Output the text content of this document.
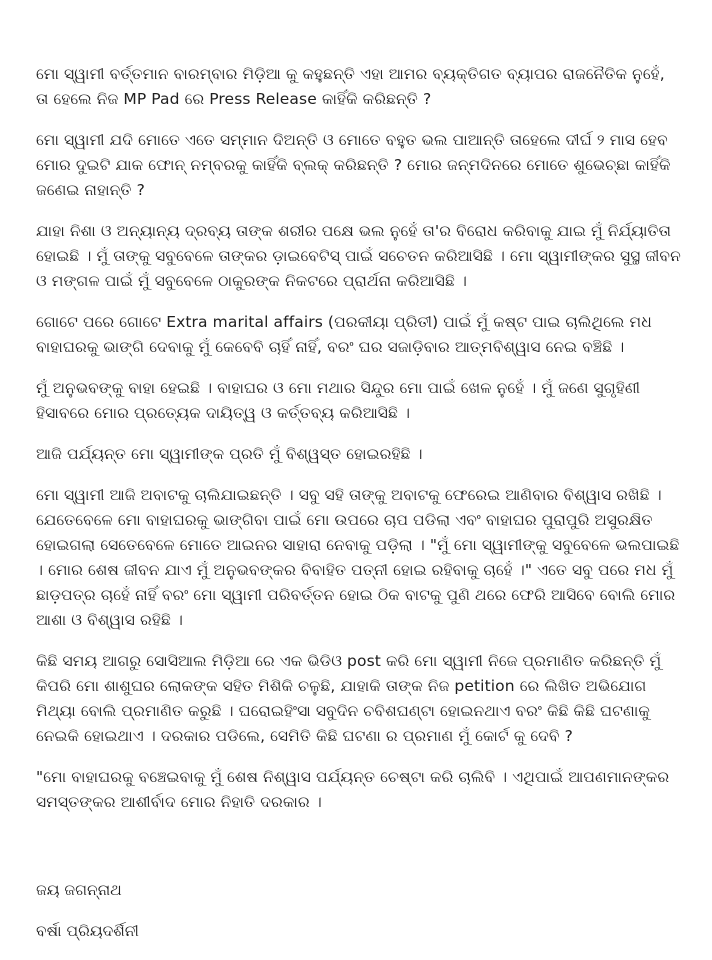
ମୋ ସ୍ୱାମୀ ବର୍ତ୍ତମାନ ବାରମ୍ବାର ମିଡ଼ିଆ କୁ କହୁଛନ୍ତି ଏହା ଆମର ବ୍ୟକ୍ତିଗତ ବ୍ୟାପର ରାଜନୈତିକ ନୁହେଁ, ତା ହେଲେ ନିଜ MP Pad ରେ Press Release କାହିଁକି କରିଛନ୍ତି ?

ମୋ ସ୍ୱାମୀ ଯଦି ମୋତେ ଏତେ ସମ୍ମାନ ଦିଅନ୍ତି ଓ ମୋତେ ବହୁତ ଭଲ ପାଆନ୍ତି ତାହେଲେ ଦୀର୍ଘ ୨ ମାସ ହେବ ମୋର ଦୁଇଟି ଯାକ ଫୋନ୍ ନମ୍ବରକୁ କାହିଁକି ବ୍ଲକ୍ କରିଛନ୍ତି ? ମୋର ଜନ୍ମଦିନରେ ମୋତେ ଶୁଭେଚ୍ଛା କାହିଁକି ଜଣେଇ ନାହାନ୍ତି ?

ଯାହା ନିଶା ଓ ଅନ୍ୟାନ୍ୟ ଦ୍ରବ୍ୟ ତାଙ୍କ ଶରୀର ପକ୍ଷେ ଭଲ ନୁହେଁ ତା'ର ବିରୋଧ କରିବାକୁ ଯାଇ ମୁଁ ନିର୍ଯ୍ୟାତିତା ହୋଇଛି । ମୁଁ ତାଙ୍କୁ ସବୁବେଳେ ତାଙ୍କର ଡ଼ାଇବେଟିସ୍ ପାଇଁ ସଚେତନ କରିଆସିଛି । ମୋ ସ୍ୱାମୀଙ୍କର ସୁସ୍ଥ ଜୀବନ ଓ ମଙ୍ଗଳ ପାଇଁ ମୁଁ ସବୁବେଳେ ଠାକୁରଙ୍କ ନିକଟରେ ପ୍ରାର୍ଥନା କରିଆସିଛି ।

ଗୋଟେ ପରେ ଗୋଟେ Extra marital affairs (ପରକୀୟା ପ୍ରିତୀ) ପାଇଁ ମୁଁ କଷ୍ଟ ପାଇ ଚାଲିଥିଲେ ମଧ ବାହାଘରକୁ ଭାଙ୍ଗି ଦେବାକୁ ମୁଁ କେବେବି ଚାହିଁ ନାହିଁ, ବରଂ ଘର ସଜାଡ଼ିବାର ଆତ୍ମବିଶ୍ୱାସ ନେଇ ବଞ୍ଚିଛି ।

ମୁଁ ଅନୁଭବଙ୍କୁ ବାହା ହେଇଛି । ବାହାଘର ଓ ମୋ ମଥାର ସିନ୍ଦୁର ମୋ ପାଇଁ ଖେଳ ନୁହେଁ । ମୁଁ ଜଣେ ସୁଗୃହିଣୀ ହିସାବରେ ମୋର ପ୍ରତ୍ୟେକ ଦାୟିତ୍ୱ ଓ କର୍ତ୍ତବ୍ୟ କରିଆସିଛି ।

ଆଜି ପର୍ଯ୍ୟନ୍ତ ମୋ ସ୍ୱାମୀଙ୍କ ପ୍ରତି ମୁଁ ବିଶ୍ୱସ୍ତ ହୋଇରହିଛି ।

ମୋ ସ୍ୱାମୀ ଆଜି ଅବାଟକୁ ଚାଲିଯାଇଛନ୍ତି । ସବୁ ସହି ତାଙ୍କୁ ଅବାଟକୁ ଫେରେଇ ଆଣିବାର ବିଶ୍ୱାସ ରଖିଛି । ଯେତେବେଳେ ମୋ ବାହାଘରକୁ ଭାଙ୍ଗିବା ପାଇଁ ମୋ ଉପରେ ଚାପ ପଡିଲା ଏବଂ ବାହାଘର ପୁରାପୁରି ଅସୁରକ୍ଷିତ ହୋଇଗଲା ସେତେବେଳେ ମୋତେ ଆଇନର ସାହାରା ନେବାକୁ ପଡ଼ିଲା । "ମୁଁ ମୋ ସ୍ୱାମୀଙ୍କୁ ସବୁବେଳେ ଭଲପାଇଛି । ମୋର ଶେଷ ଜୀବନ ଯାଏ ମୁଁ ଅନୁଭବଙ୍କର ବିବାହିତ ପତ୍ନୀ ହୋଇ ରହିବାକୁ ଚାହେଁ ।" ଏତେ ସବୁ ପରେ ମଧ ମୁଁ ଛାଡ଼ପତ୍ର ଚାହେଁ ନାହିଁ ବରଂ ମୋ ସ୍ୱାମୀ ପରିବର୍ତ୍ତନ ହୋଇ ଠିକ ବାଟକୁ ପୁଣି ଥରେ ଫେରି ଆସିବେ ବୋଲି ମୋର ଆଶା ଓ ବିଶ୍ୱାସ ରହିଛି ।

କିଛି ସମୟ ଆଗରୁ ସୋସିଆଲ ମିଡ଼ିଆ ରେ ଏକ ଭିଡିଓ post କରି ମୋ ସ୍ୱାମୀ ନିଜେ ପ୍ରମାଣିତ କରିଛନ୍ତି ମୁଁ କିପରି ମୋ ଶାଶୁଘର ଲୋକଙ୍କ ସହିତ ମିଶିକି ଚଳୁଛି, ଯାହାକି ତାଙ୍କ ନିଜ petition ରେ ଲିଖିତ ଅଭିଯୋଗ ମିଥ୍ୟା ବୋଲି ପ୍ରମାଣିତ କରୁଛି । ଘରୋଇହିଂସା ସବୁଦିନ ଚବିଶଘଣ୍ଟା ହୋଇନଥାଏ ବରଂ କିଛି କିଛି ଘଟଣାକୁ ନେଇକି ହୋଇଥାଏ । ଦରକାର ପଡିଲେ, ସେମିତି କିଛି ଘଟଣା ର ପ୍ରମାଣ ମୁଁ କୋର୍ଟ କୁ ଦେବି ?

"ମୋ ବାହାଘରକୁ ବଞ୍ଚେଇବାକୁ ମୁଁ ଶେଷ ନିଶ୍ୱାସ ପର୍ଯ୍ୟନ୍ତ ଚେଷ୍ଟା କରି ଚାଲିବି । ଏଥିପାଇଁ ଆପଣମାନଙ୍କର ସମସ୍ତଙ୍କର ଆଶୀର୍ବାଦ ମୋର ନିହାତି ଦରକାର ।

ଜୟ ଜଗନ୍ନାଥ
ବର୍ଷା ପ୍ରିୟଦର୍ଶିନୀ
